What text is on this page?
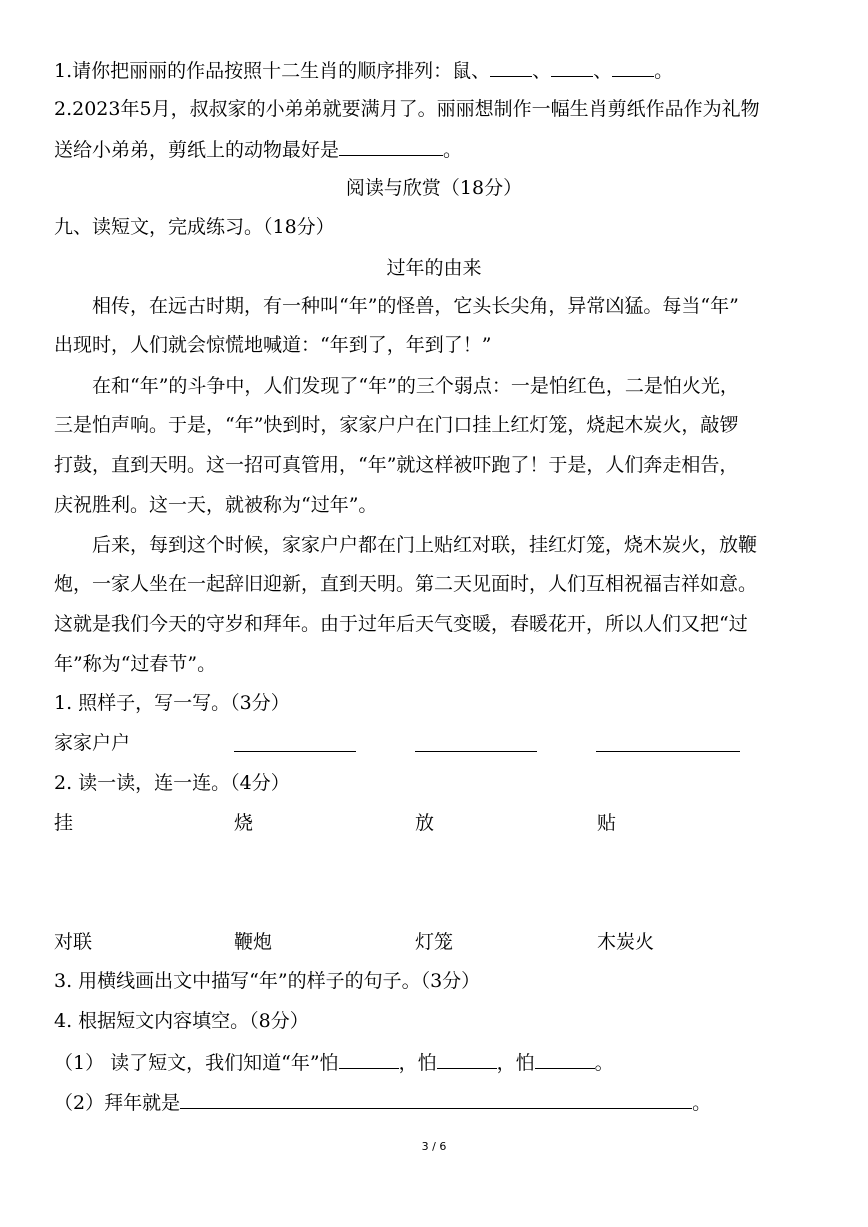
1.请你把丽丽的作品按照十二生肖的顺序排列：鼠、 、 、 。
2.2023年5月，叔叔家的小弟弟就要满月了。丽丽想制作一幅生肖剪纸作品作为礼物
送给小弟弟，剪纸上的动物最好是	。
阅读与欣赏（18分）
九、读短文，完成练习。（18分）
过年的由来
相传，在远古时期，有一种叫“年”的怪兽，它头长尖角，异常凶猛。每当“年”
出现时，人们就会惊慌地喊道：“年到了，年到了！”
在和“年”的斗争中，人们发现了“年”的三个弱点：一是怕红色，二是怕火光，
三是怕声响。于是，“年”快到时，家家户户在门口挂上红灯笼，烧起木炭火，敲锣
打鼓，直到天明。这一招可真管用，“年”就这样被吓跑了！于是，人们奔走相告，
庆祝胜利。这一天，就被称为“过年”。
后来，每到这个时候，家家户户都在门上贴红对联，挂红灯笼，烧木炭火，放鞭
炮，一家人坐在一起辞旧迎新，直到天明。第二天见面时，人们互相祝福吉祥如意。
这就是我们今天的守岁和拜年。由于过年后天气变暖，春暖花开，所以人们又把“过
年”称为“过春节”。
1. 照样子，写一写。（3分）
家家户户
2. 读一读，连一连。（4分）
挂	烧	放	贴
对联	鞭炮	灯笼	木炭火
3. 用横线画出文中描写“年”的样子的句子。（3分）
4. 根据短文内容填空。（8分）
（1） 读了短文，我们知道“年”怕	，怕	，怕	。
（2）拜年就是	。
3 / 6
